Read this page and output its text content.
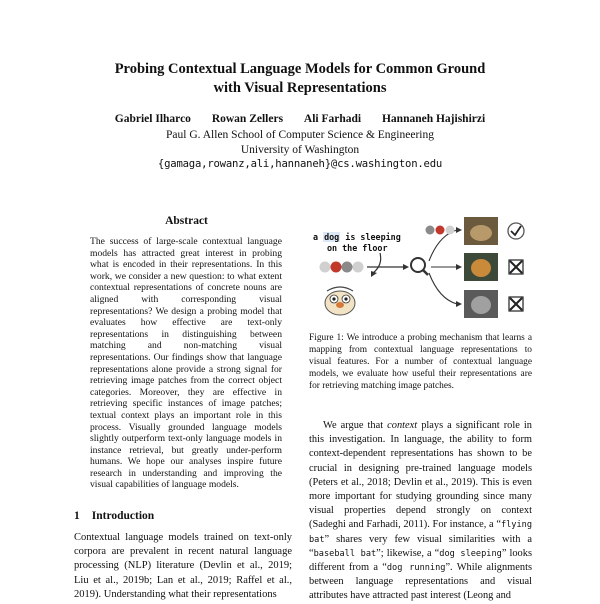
Probing Contextual Language Models for Common Ground
with Visual Representations
Gabriel Ilharco Rowan Zellers Ali Farhadi Hannaneh Hajishirzi
Paul G. Allen School of Computer Science & Engineering
University of Washington
{gamaga,rowanz,ali,hannaneh}@cs.washington.edu
Abstract
The success of large-scale contextual language models has attracted great interest in probing what is encoded in their representations. In this work, we consider a new question: to what extent contextual representations of concrete nouns are aligned with corresponding visual representations? We design a probing model that evaluates how effective are text-only representations in distinguishing between matching and non-matching visual representations. Our findings show that language representations alone provide a strong signal for retrieving image patches from the correct object categories. Moreover, they are effective in retrieving specific instances of image patches; textual context plays an important role in this process. Visually grounded language models slightly outperform text-only language models in instance retrieval, but greatly under-perform humans. We hope our analyses inspire future research in understanding and improving the visual capabilities of language models.
1 Introduction
Contextual language models trained on text-only corpora are prevalent in recent natural language processing (NLP) literature (Devlin et al., 2019; Liu et al., 2019b; Lan et al., 2019; Raffel et al., 2019). Understanding what their representations
a dog is sleeping
on the floor
Figure 1: We introduce a probing mechanism that learns a mapping from contextual language representations to visual features. For a number of contextual language models, we evaluate how useful their representations are for retrieving matching image patches.
We argue that context plays a significant role in this investigation. In language, the ability to form context-dependent representations has shown to be crucial in designing pre-trained language models (Peters et al., 2018; Devlin et al., 2019). This is even more important for studying grounding since many visual properties depend strongly on context (Sadeghi and Farhadi, 2011). For instance, a “flying bat” shares very few visual similarities with a “baseball bat”; likewise, a “dog sleeping” looks different from a “dog running”. While alignments between language representations and visual attributes have attracted past interest (Leong and
